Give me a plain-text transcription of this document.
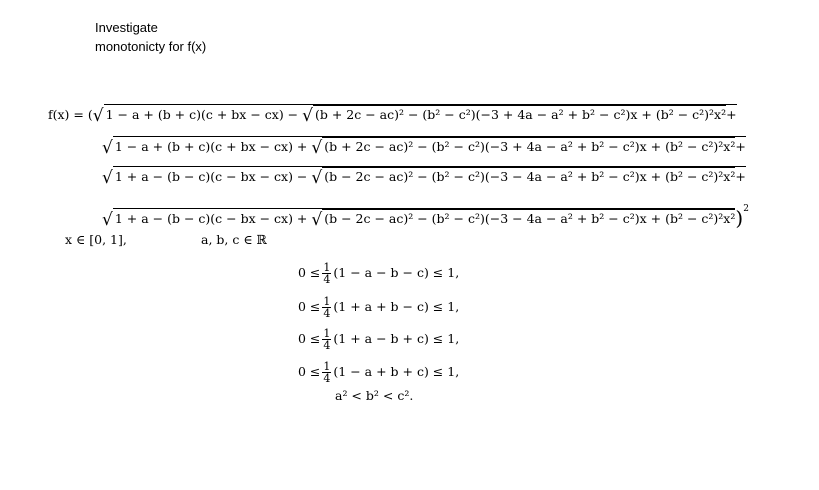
Investigate
monotonicty for f(x)
f(x) = (√ 1 − a + (b + c)(c + bx − cx) − √ (b + 2c − ac)² − (b² − c²)(−3 + 4a − a² + b² − c²)x + (b² − c²)²x²+
√ 1 − a + (b + c)(c + bx − cx) + √ (b + 2c − ac)² − (b² − c²)(−3 + 4a − a² + b² − c²)x + (b² − c²)²x²+
√ 1 + a − (b − c)(c − bx − cx) − √ (b − 2c − ac)² − (b² − c²)(−3 − 4a − a² + b² − c²)x + (b² − c²)²x²+
√ 1 + a − (b − c)(c − bx − cx) + √ (b − 2c − ac)² − (b² − c²)(−3 − 4a − a² + b² − c²)x + (b² − c²)²x²)$^2$
x ∈ [0, 1],	a, b, c ∈ ℝ
$0 \le \frac{1}{4} (1 - a - b - c) \le 1$,
$0 \le \frac{1}{4} (1 + a + b - c) \le 1$,
$0 \le \frac{1}{4} (1 + a - b + c) \le 1$,
$0 \le \frac{1}{4} (1 - a + b + c) \le 1$,
a² < b² < c².
